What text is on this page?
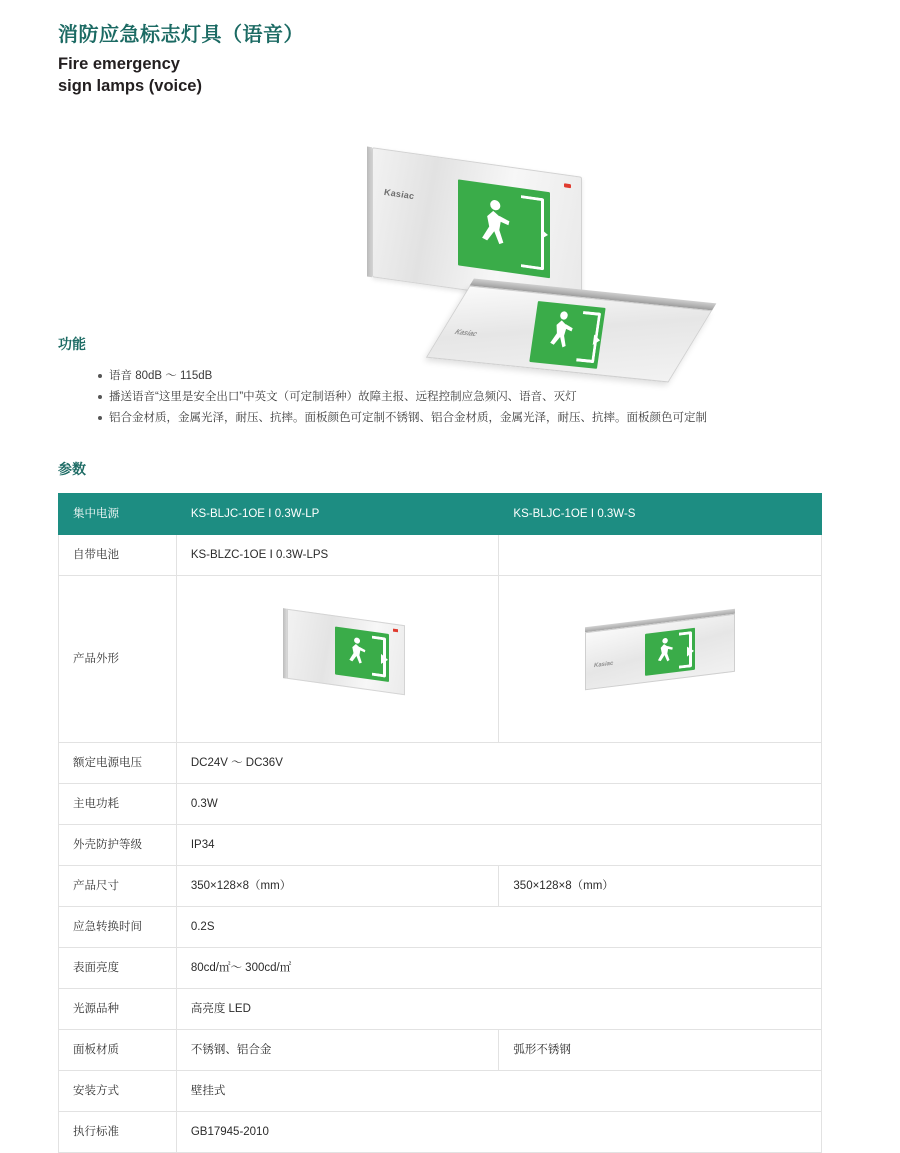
消防应急标志灯具（语音）
Fire emergency
sign lamps (voice)
Kasiac
Kasiac
功能
语音 80dB ～ 115dB
播送语音“这里是安全出口”中英文（可定制语种）故障主报、远程控制应急频闪、语音、灭灯
铝合金材质，金属光泽，耐压、抗摔。面板颜色可定制不锈钢、铝合金材质，金属光泽，耐压、抗摔。面板颜色可定制
参数
集中电源	KS-BLJC-1OE Ⅰ 0.3W-LP	KS-BLJC-1OE Ⅰ 0.3W-S
自带电池	KS-BLZC-1OE Ⅰ 0.3W-LPS	
产品外形		Kasiac

额定电源电压	DC24V ～ DC36V	
主电功耗	0.3W	
外壳防护等级	IP34	
产品尺寸	350×128×8（mm）	350×128×8（mm）
应急转换时间	0.2S	
表面亮度	80cd/㎡～ 300cd/㎡	
光源品种	高亮度 LED	
面板材质	不锈钢、铝合金	弧形不锈钢
安装方式	壁挂式	
执行标准	GB17945-2010	
